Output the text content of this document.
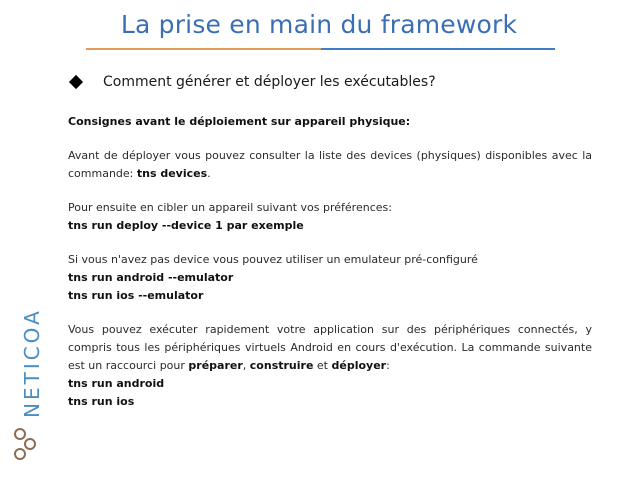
La prise en main du framework
Comment générer et déployer les exécutables?

Consignes avant le déploiement sur appareil physique:

Avant de déployer vous pouvez consulter la liste des devices (physiques) disponibles avec la commande: tns devices.

Pour ensuite en cibler un appareil suivant vos préférences:

tns run deploy --device 1 par exemple

Si vous n'avez pas device vous pouvez utiliser un emulateur pré-configuré

tns run android --emulator

tns run ios --emulator

Vous pouvez exécuter rapidement votre application sur des périphériques connectés, y compris tous les périphériques virtuels Android en cours d'exécution. La commande suivante est un raccourci pour préparer, construire et déployer:

tns run android

tns run ios

NETICOA
